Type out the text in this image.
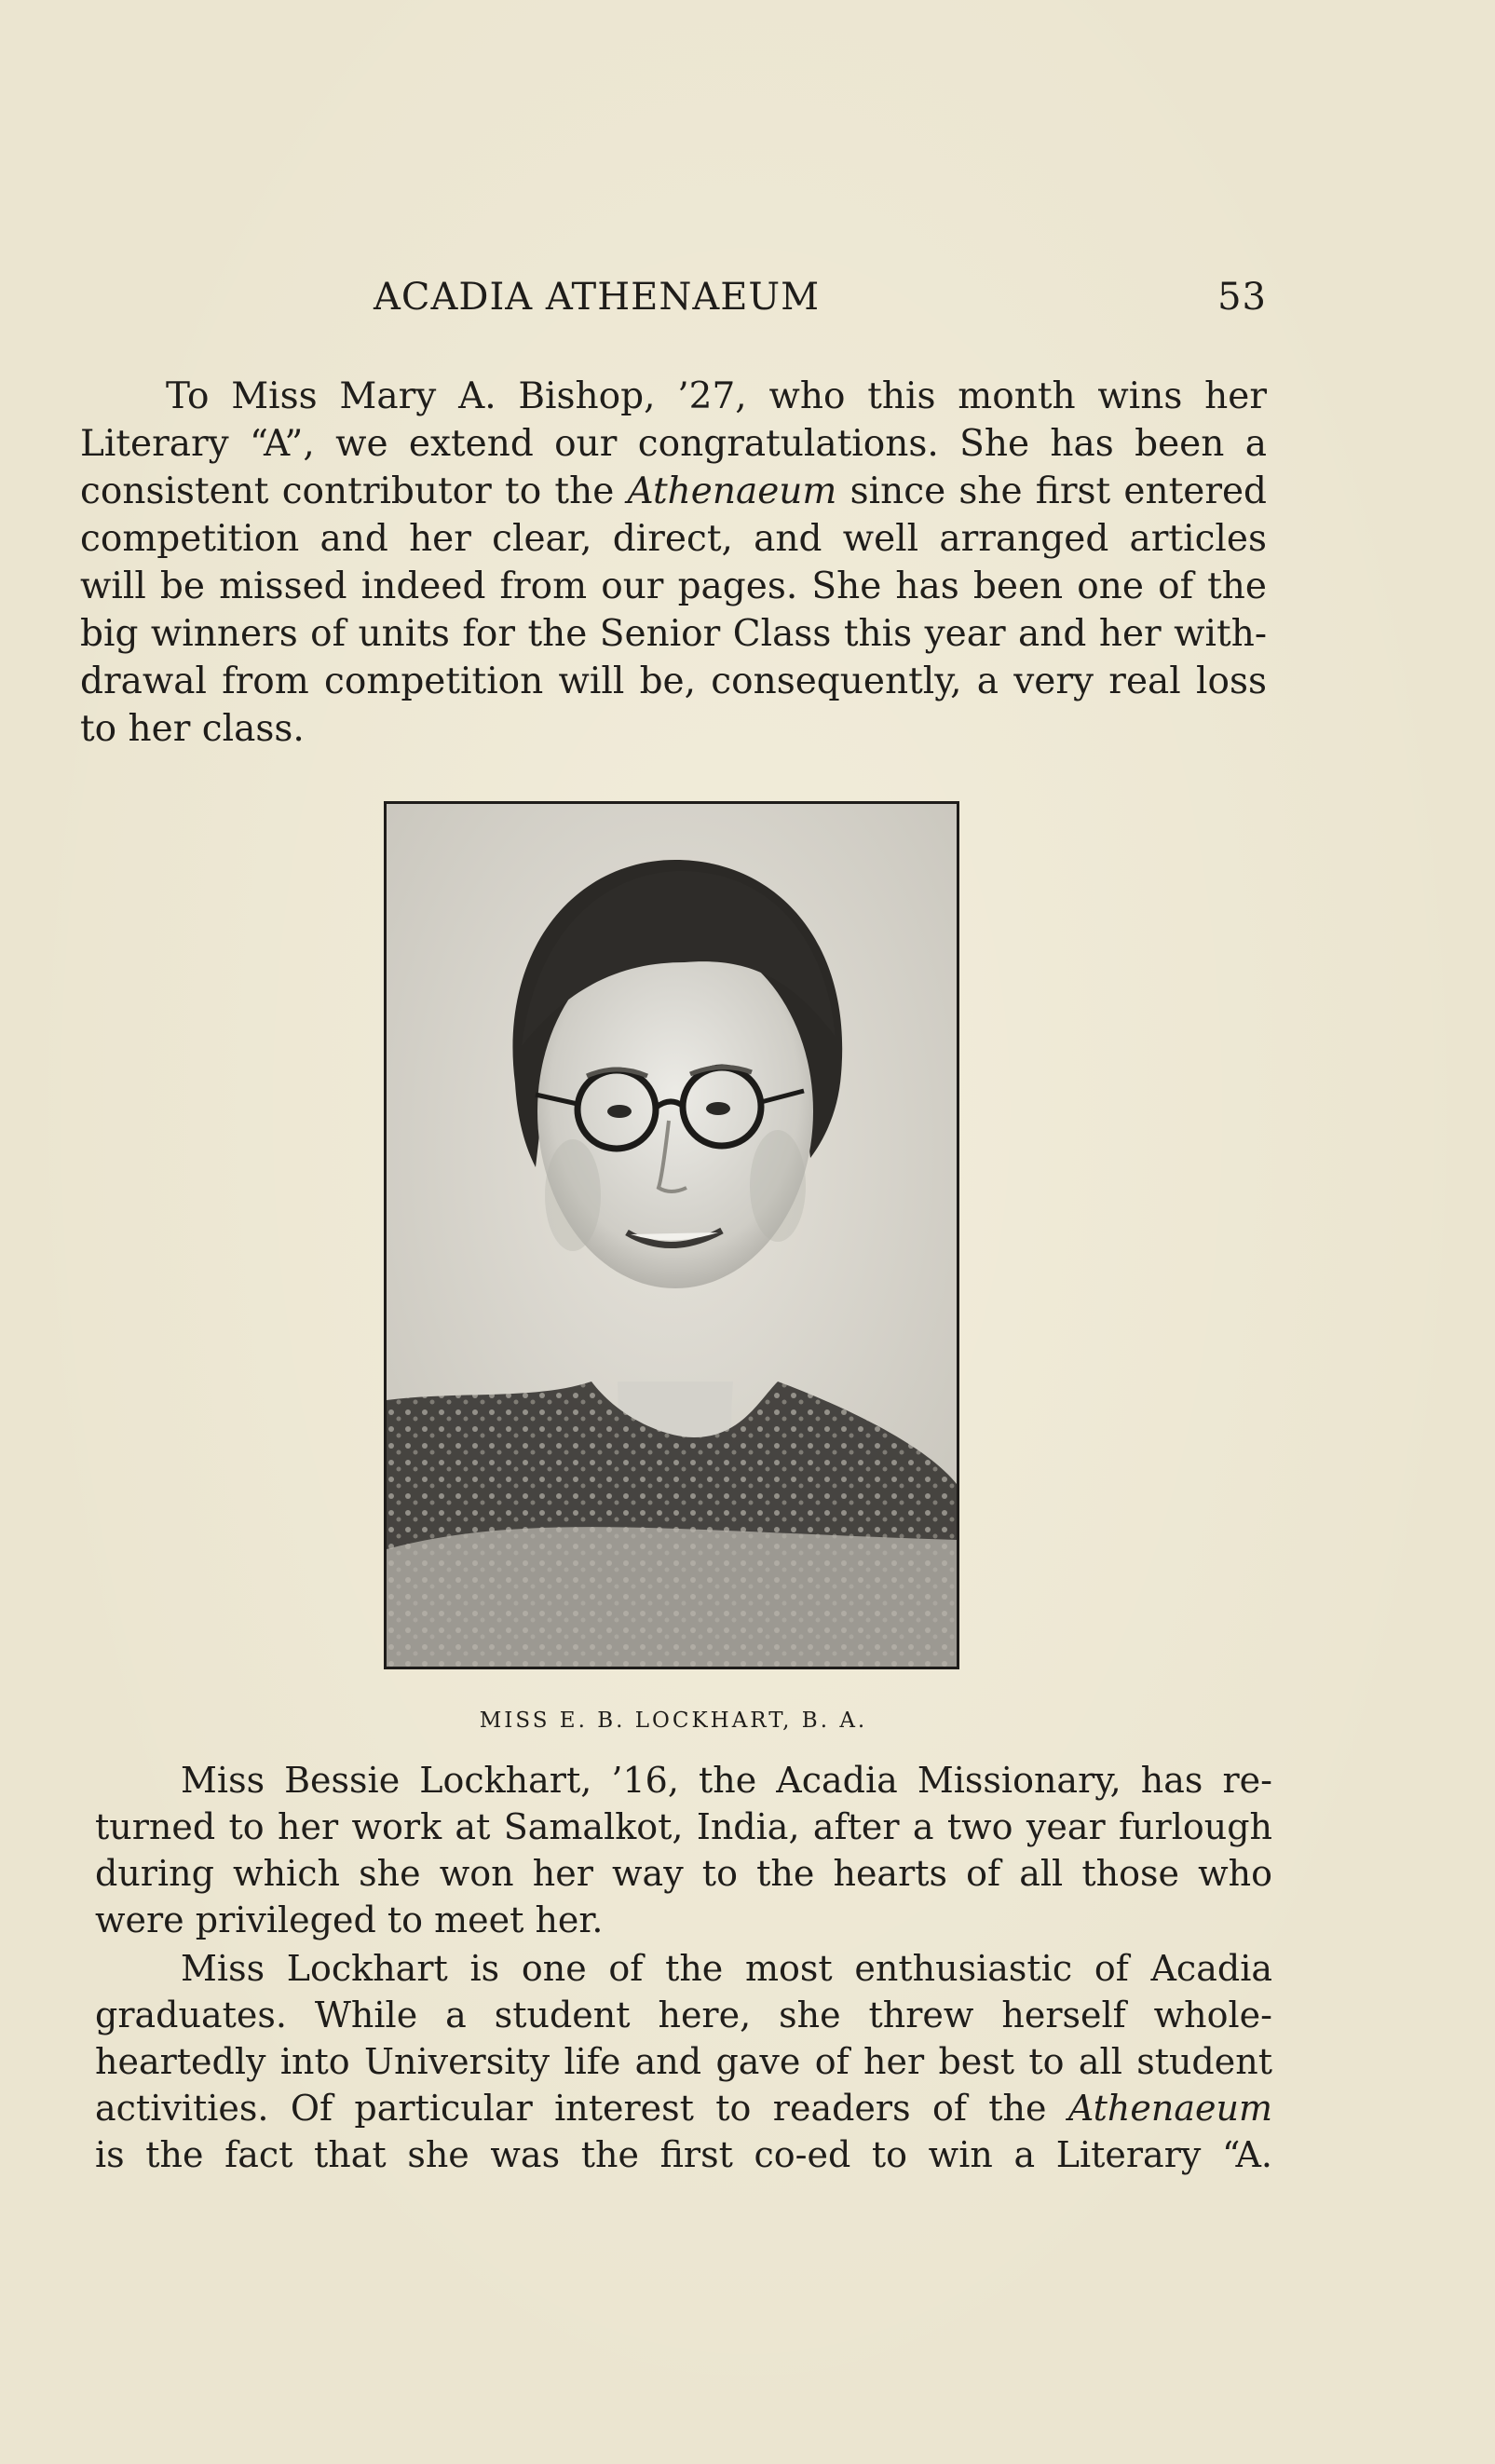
ACADIA ATHENAEUM	53
To Miss Mary A. Bishop, ’27, who this month wins her
Literary “A”, we extend our congratulations. She has been a
consistent contributor to the Athenaeum since she first entered
competition and her clear, direct, and well arranged articles
will be missed indeed from our pages. She has been one of the
big winners of units for the Senior Class this year and her with-
drawal from competition will be, consequently, a very real loss
to her class.
MISS E. B. LOCKHART, B. A.
Miss Bessie Lockhart, ’16, the Acadia Missionary, has re-
turned to her work at Samalkot, India, after a two year furlough
during which she won her way to the hearts of all those who
were privileged to meet her.
Miss Lockhart is one of the most enthusiastic of Acadia
graduates. While a student here, she threw herself whole-
heartedly into University life and gave of her best to all student
activities. Of particular interest to readers of the Athenaeum
is the fact that she was the first co-ed to win a Literary “A.
